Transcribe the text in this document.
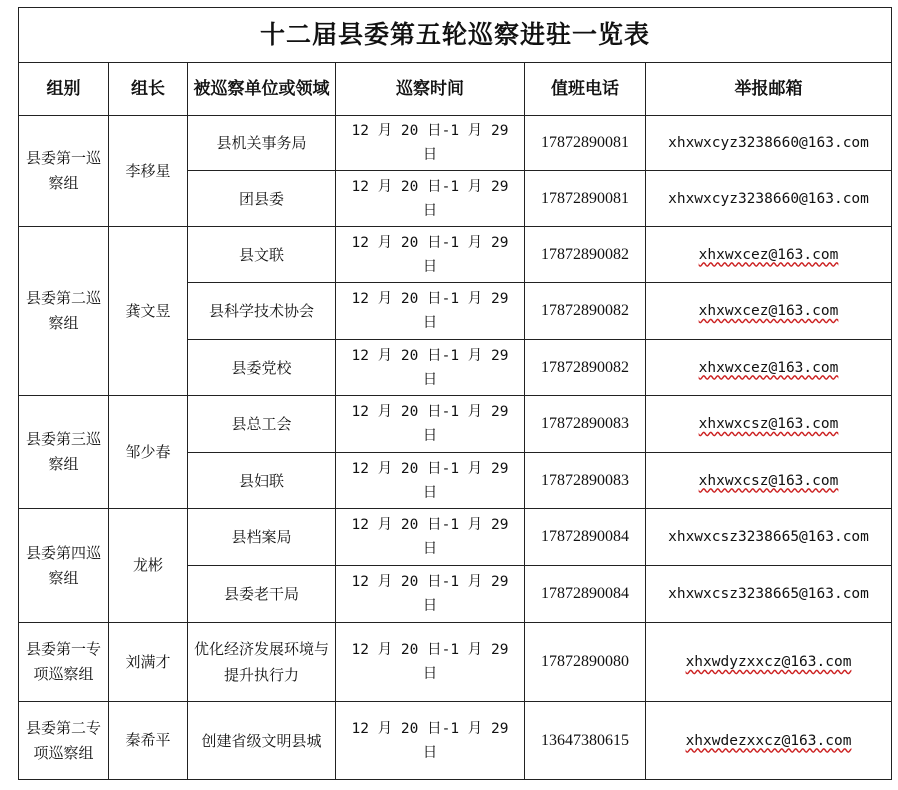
十二届县委第五轮巡察进驻一览表					
组别	组长	被巡察单位或领域	巡察时间	值班电话	举报邮箱
县委第一巡察组	李移星	县机关事务局	12 月 20 日-1 月 29 日	17872890081	xhxwxcyz3238660@163.com
		团县委	12 月 20 日-1 月 29 日	17872890081	xhxwxcyz3238660@163.com
县委第二巡察组	龚文昱	县文联	12 月 20 日-1 月 29 日	17872890082	xhxwxcez@163.com
		县科学技术协会	12 月 20 日-1 月 29 日	17872890082	xhxwxcez@163.com
		县委党校	12 月 20 日-1 月 29 日	17872890082	xhxwxcez@163.com
县委第三巡察组	邹少春	县总工会	12 月 20 日-1 月 29 日	17872890083	xhxwxcsz@163.com
		县妇联	12 月 20 日-1 月 29 日	17872890083	xhxwxcsz@163.com
县委第四巡察组	龙彬	县档案局	12 月 20 日-1 月 29 日	17872890084	xhxwxcsz3238665@163.com
		县委老干局	12 月 20 日-1 月 29 日	17872890084	xhxwxcsz3238665@163.com
县委第一专项巡察组	刘满才	优化经济发展环境与提升执行力	12 月 20 日-1 月 29 日	17872890080	xhxwdyzxxcz@163.com
县委第二专项巡察组	秦希平	创建省级文明县城	12 月 20 日-1 月 29 日	13647380615	xhxwdezxxcz@163.com
